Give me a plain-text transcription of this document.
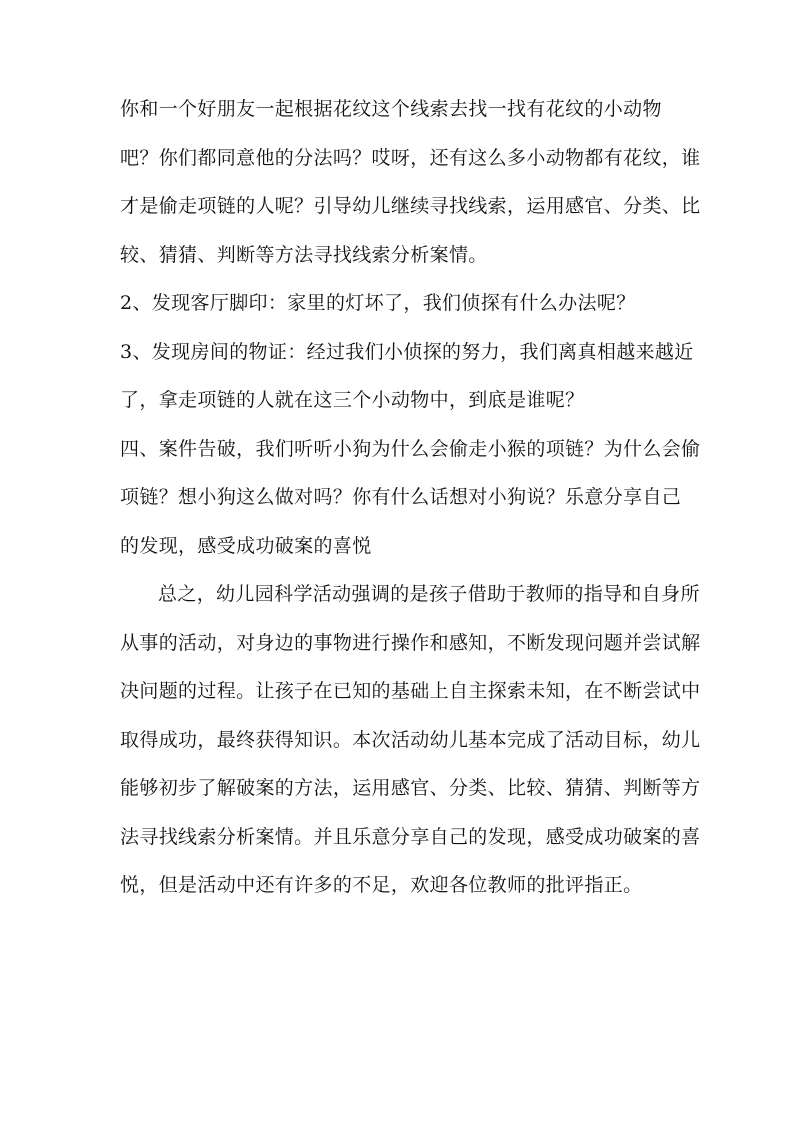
你和一个好朋友一起根据花纹这个线索去找一找有花纹的小动物
吧？你们都同意他的分法吗？哎呀，还有这么多小动物都有花纹，谁
才是偷走项链的人呢？引导幼儿继续寻找线索，运用感官、分类、比
较、猜猜、判断等方法寻找线索分析案情。
2、发现客厅脚印：家里的灯坏了，我们侦探有什么办法呢？
3、发现房间的物证：经过我们小侦探的努力，我们离真相越来越近
了，拿走项链的人就在这三个小动物中，到底是谁呢？
四、案件告破，我们听听小狗为什么会偷走小猴的项链？为什么会偷
项链？想小狗这么做对吗？你有什么话想对小狗说？乐意分享自己
的发现，感受成功破案的喜悦
总之，幼儿园科学活动强调的是孩子借助于教师的指导和自身所
从事的活动，对身边的事物进行操作和感知，不断发现问题并尝试解
决问题的过程。让孩子在已知的基础上自主探索未知，在不断尝试中
取得成功，最终获得知识。本次活动幼儿基本完成了活动目标，幼儿
能够初步了解破案的方法，运用感官、分类、比较、猜猜、判断等方
法寻找线索分析案情。并且乐意分享自己的发现，感受成功破案的喜
悦，但是活动中还有许多的不足，欢迎各位教师的批评指正。
